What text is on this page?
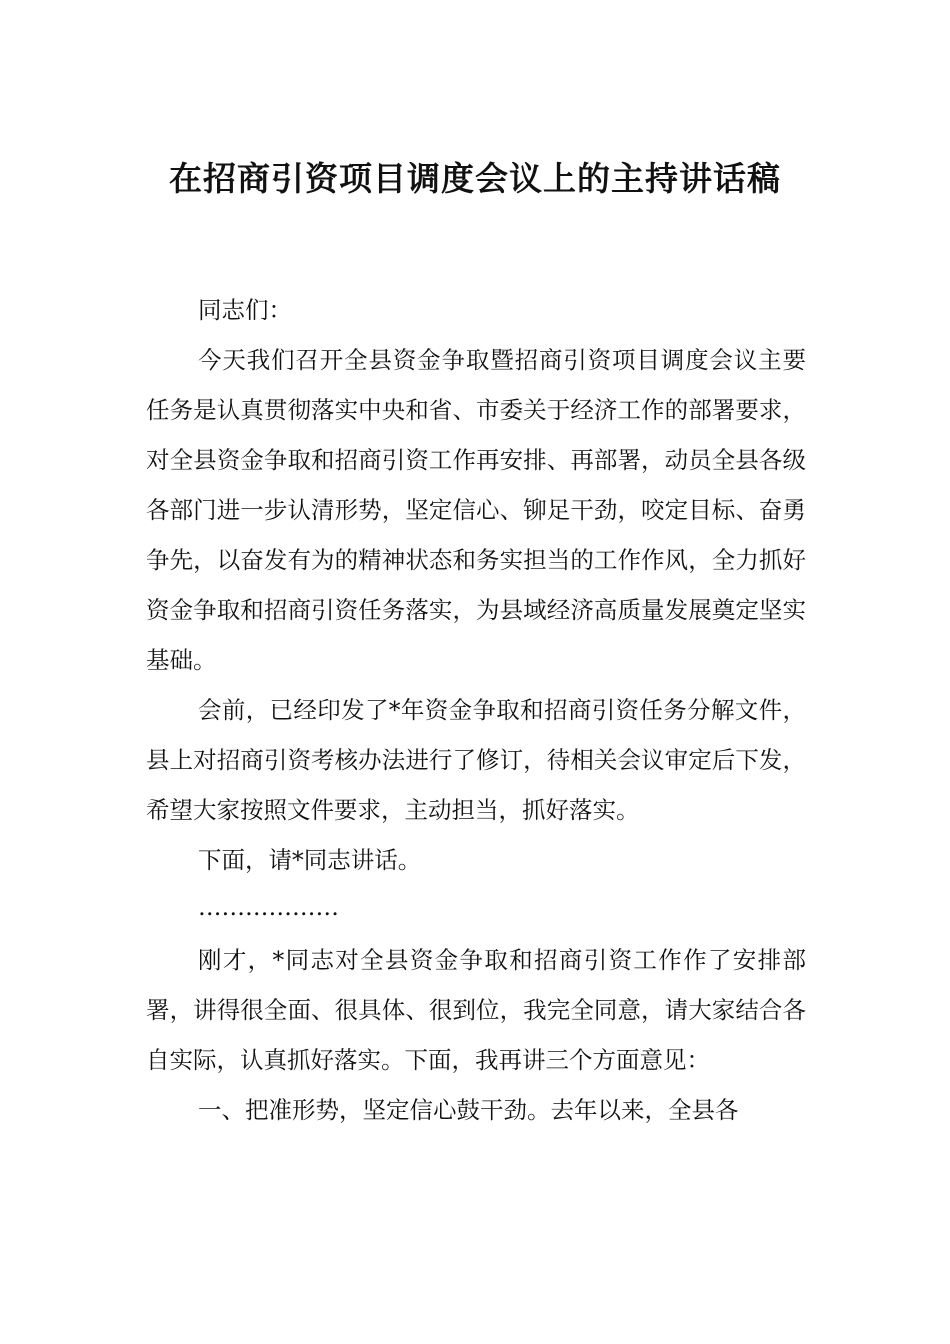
在招商引资项目调度会议上的主持讲话稿

同志们：

今天我们召开全县资金争取暨招商引资项目调度会议主要任务是认真贯彻落实中央和省、市委关于经济工作的部署要求，对全县资金争取和招商引资工作再安排、再部署，动员全县各级各部门进一步认清形势，坚定信心、铆足干劲，咬定目标、奋勇争先，以奋发有为的精神状态和务实担当的工作作风，全力抓好资金争取和招商引资任务落实，为县域经济高质量发展奠定坚实基础。

会前，已经印发了*年资金争取和招商引资任务分解文件，县上对招商引资考核办法进行了修订，待相关会议审定后下发，希望大家按照文件要求，主动担当，抓好落实。

下面，请*同志讲话。

………………

刚才，*同志对全县资金争取和招商引资工作作了安排部署，讲得很全面、很具体、很到位，我完全同意，请大家结合各自实际，认真抓好落实。下面，我再讲三个方面意见：

一、把准形势，坚定信心鼓干劲。去年以来，全县各
